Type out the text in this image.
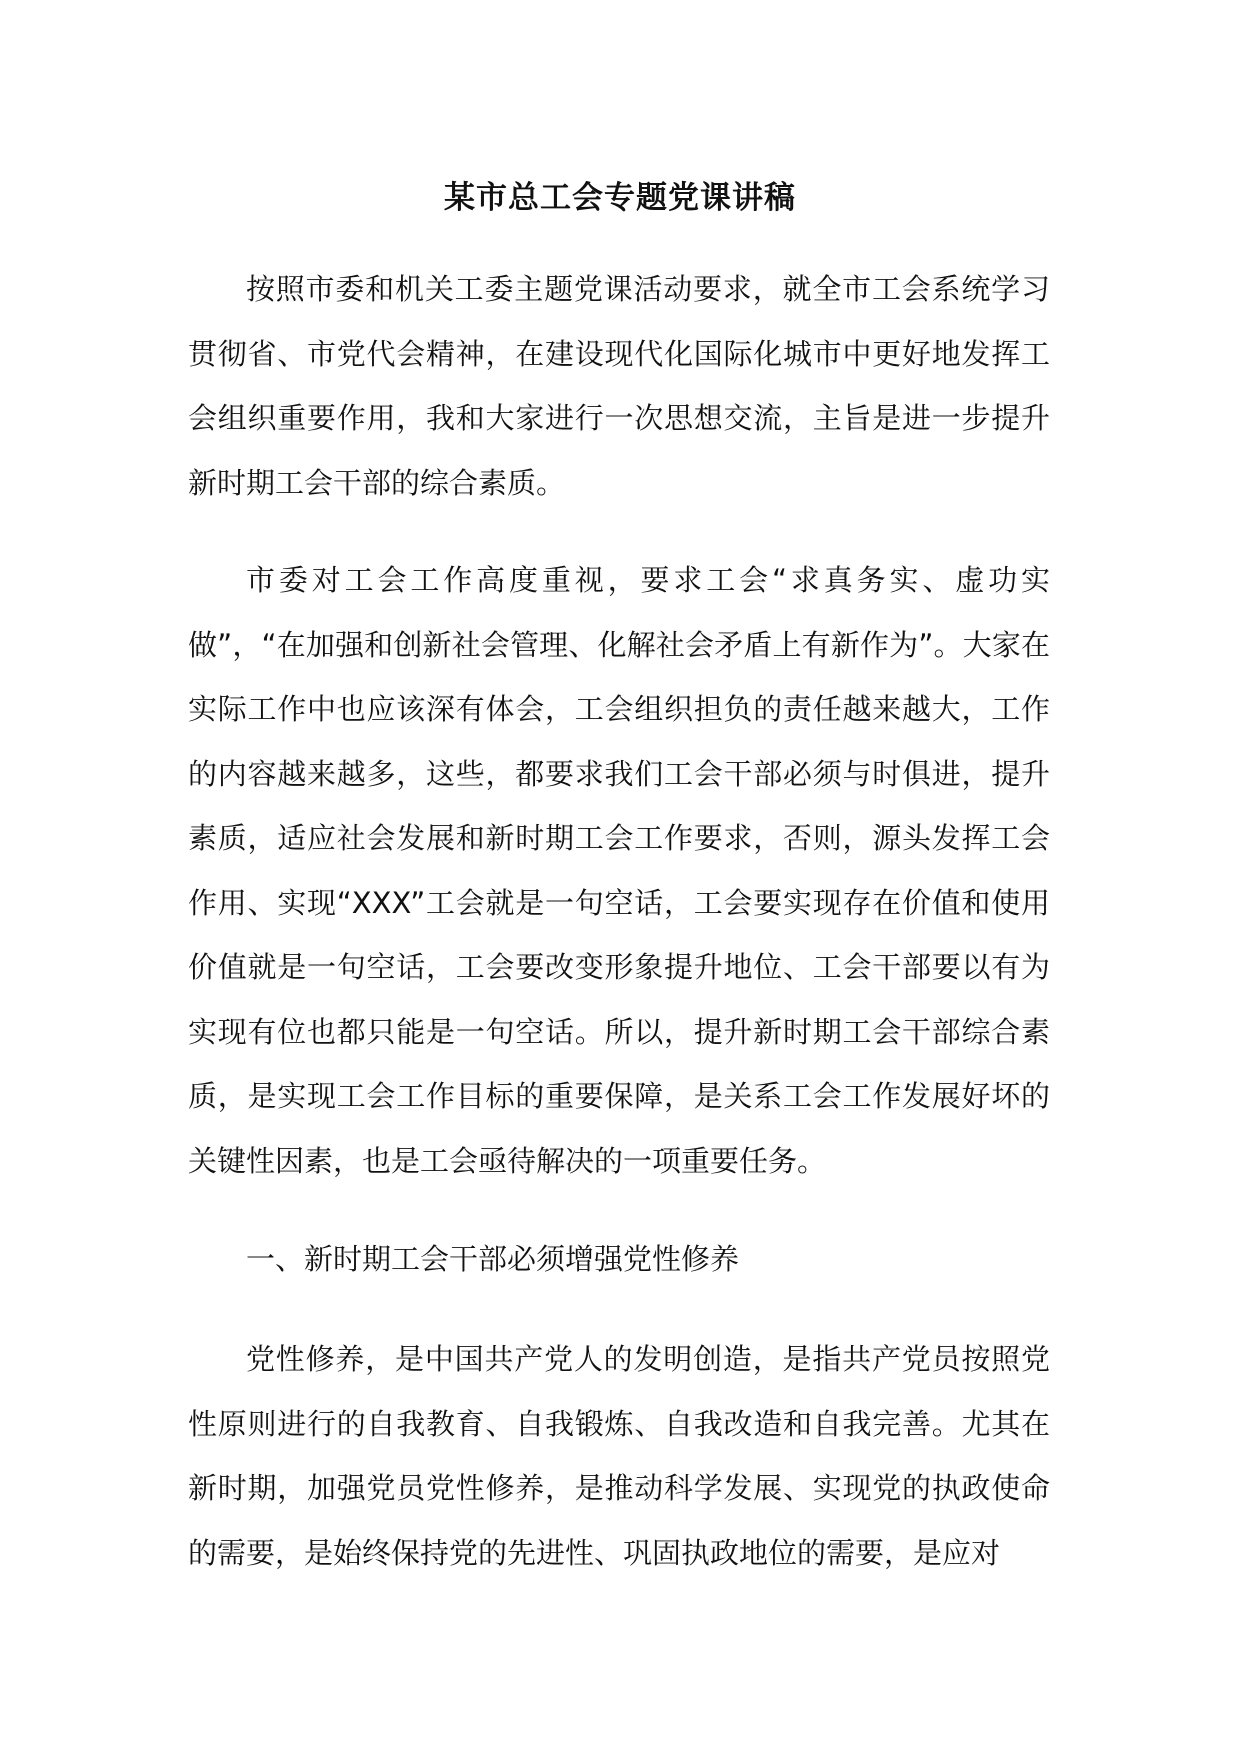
某市总工会专题党课讲稿

按照市委和机关工委主题党课活动要求，就全市工会系统学习贯彻省、市党代会精神，在建设现代化国际化城市中更好地发挥工会组织重要作用，我和大家进行一次思想交流，主旨是进一步提升新时期工会干部的综合素质。

市委对工会工作高度重视，要求工会“求真务实、虚功实做”，“在加强和创新社会管理、化解社会矛盾上有新作为”。大家在实际工作中也应该深有体会，工会组织担负的责任越来越大，工作的内容越来越多，这些，都要求我们工会干部必须与时俱进，提升素质，适应社会发展和新时期工会工作要求，否则，源头发挥工会作用、实现“XXX”工会就是一句空话，工会要实现存在价值和使用价值就是一句空话，工会要改变形象提升地位、工会干部要以有为实现有位也都只能是一句空话。所以，提升新时期工会干部综合素质，是实现工会工作目标的重要保障，是关系工会工作发展好坏的关键性因素，也是工会亟待解决的一项重要任务。

一、新时期工会干部必须增强党性修养

党性修养，是中国共产党人的发明创造，是指共产党员按照党性原则进行的自我教育、自我锻炼、自我改造和自我完善。尤其在新时期，加强党员党性修养，是推动科学发展、实现党的执政使命的需要，是始终保持党的先进性、巩固执政地位的需要，是应对
